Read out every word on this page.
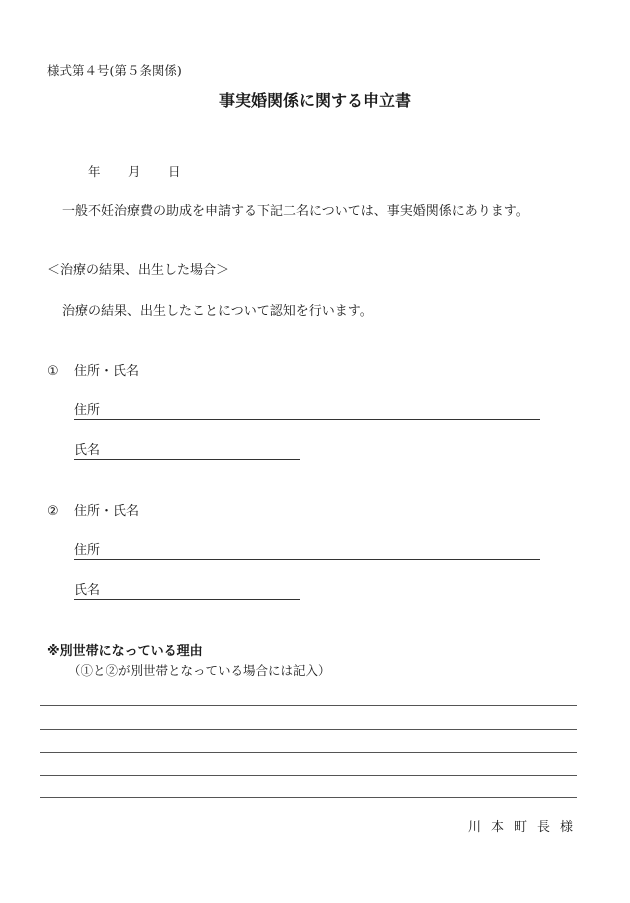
様式第４号(第５条関係)
事実婚関係に関する申立書
年 月 日
一般不妊治療費の助成を申請する下記二名については、事実婚関係にあります。
＜治療の結果、出生した場合＞
治療の結果、出生したことについて認知を行います。
① 住所・氏名
住所
氏名
② 住所・氏名
住所
氏名
※別世帯になっている理由
（①と②が別世帯となっている場合には記入）
川本町長様
